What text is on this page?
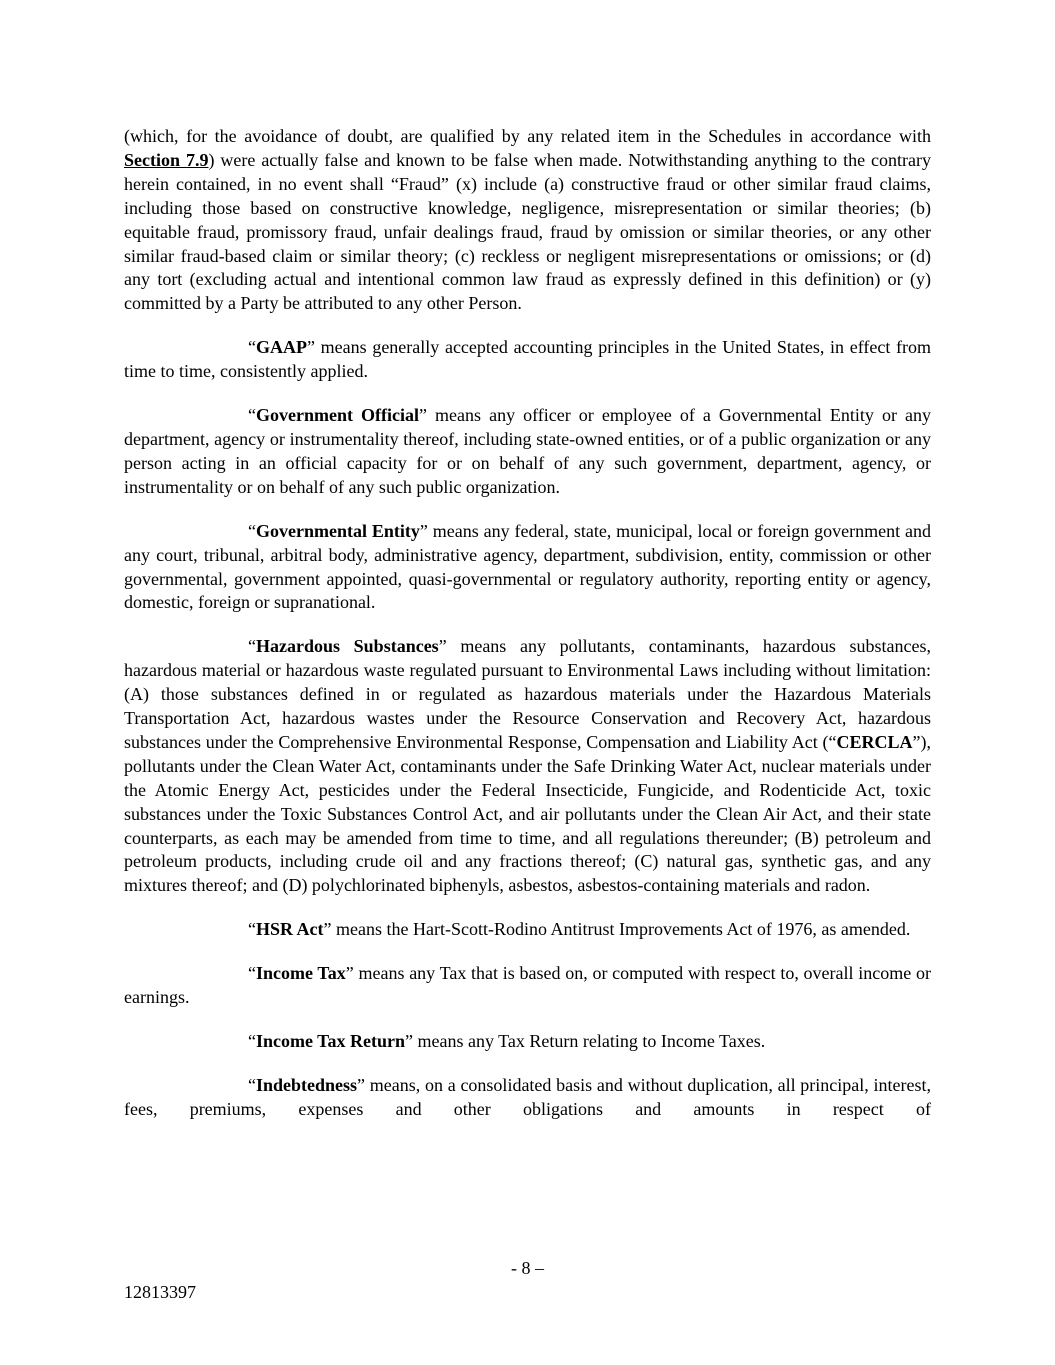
(which, for the avoidance of doubt, are qualified by any related item in the Schedules in accordance with Section 7.9) were actually false and known to be false when made. Notwithstanding anything to the contrary herein contained, in no event shall “Fraud” (x) include (a) constructive fraud or other similar fraud claims, including those based on constructive knowledge, negligence, misrepresentation or similar theories; (b) equitable fraud, promissory fraud, unfair dealings fraud, fraud by omission or similar theories, or any other similar fraud-based claim or similar theory; (c) reckless or negligent misrepresentations or omissions; or (d) any tort (excluding actual and intentional common law fraud as expressly defined in this definition) or (y) committed by a Party be attributed to any other Person.

“GAAP” means generally accepted accounting principles in the United States, in effect from time to time, consistently applied.

“Government Official” means any officer or employee of a Governmental Entity or any department, agency or instrumentality thereof, including state-owned entities, or of a public organization or any person acting in an official capacity for or on behalf of any such government, department, agency, or instrumentality or on behalf of any such public organization.

“Governmental Entity” means any federal, state, municipal, local or foreign government and any court, tribunal, arbitral body, administrative agency, department, subdivision, entity, commission or other governmental, government appointed, quasi-governmental or regulatory authority, reporting entity or agency, domestic, foreign or supranational.

“Hazardous Substances” means any pollutants, contaminants, hazardous substances, hazardous material or hazardous waste regulated pursuant to Environmental Laws including without limitation: (A) those substances defined in or regulated as hazardous materials under the Hazardous Materials Transportation Act, hazardous wastes under the Resource Conservation and Recovery Act, hazardous substances under the Comprehensive Environmental Response, Compensation and Liability Act (“CERCLA”), pollutants under the Clean Water Act, contaminants under the Safe Drinking Water Act, nuclear materials under the Atomic Energy Act, pesticides under the Federal Insecticide, Fungicide, and Rodenticide Act, toxic substances under the Toxic Substances Control Act, and air pollutants under the Clean Air Act, and their state counterparts, as each may be amended from time to time, and all regulations thereunder; (B) petroleum and petroleum products, including crude oil and any fractions thereof; (C) natural gas, synthetic gas, and any mixtures thereof; and (D) polychlorinated biphenyls, asbestos, asbestos-containing materials and radon.

“HSR Act” means the Hart-Scott-Rodino Antitrust Improvements Act of 1976, as amended.

“Income Tax” means any Tax that is based on, or computed with respect to, overall income or earnings.

“Income Tax Return” means any Tax Return relating to Income Taxes.

“Indebtedness” means, on a consolidated basis and without duplication, all principal, interest, fees, premiums, expenses and other obligations and amounts in respect of

- 8 –
12813397
